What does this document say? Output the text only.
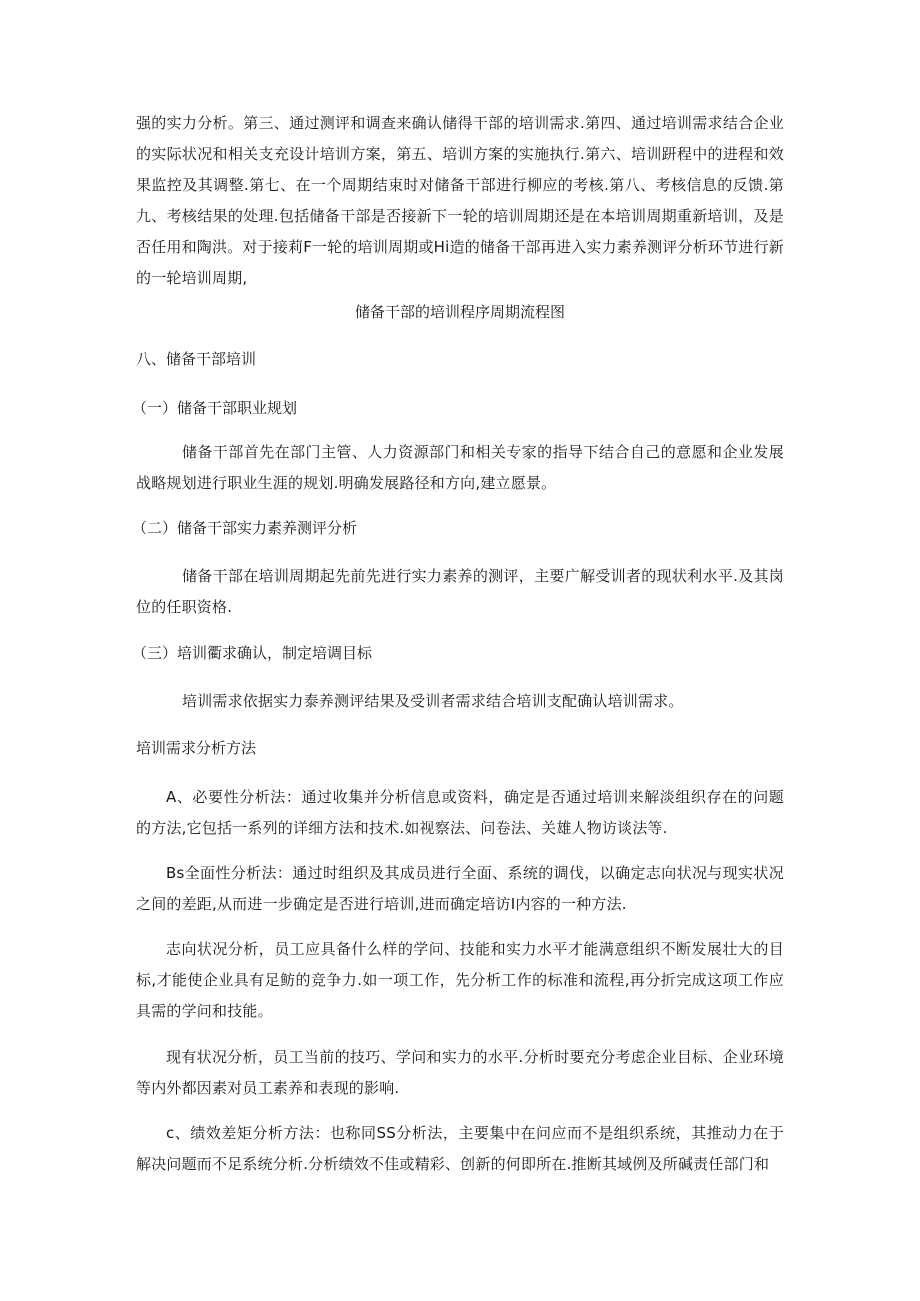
强的实力分析。第三、通过测评和调查来确认储得干部的培训需求.第四、通过培训需求结合企业的实际状况和相关支充设计培训方案，第五、培训方案的实施执行.第六、培训趼程中的进程和效果监控及其调整.第七、在一个周期结束时对储备干部进行柳应的考核.第八、考核信息的反馈.第九、考核结果的处理.包括储备干部是否接新下一轮的培训周期还是在本培训周期重新培训，及是否任用和陶洪。对于接莉F一轮的培训周期或Hi造的储备干部再进入实力素养测评分析环节进行新的一轮培训周期,

储备干部的培训程序周期流程图

八、储备干部培训

（一）储备干部职业规划

储备干部首先在部门主管、人力资源部门和相关专家的指导下结合自己的意愿和企业发展战略规划进行职业生涯的规划.明确发展路径和方向,建立愿景。

（二）储备干部实力素养测评分析

储备干部在培训周期起先前先进行实力素养的测评，主要广解受训者的现状利水平.及其岗位的任职资格.

（三）培训衢求确认，制定培调目标

培训需求依据实力泰养测评结果及受训者需求结合培训支配确认培训需求。

培训需求分析方法

A、必要性分析法：通过收集并分析信息或资料，确定是否通过培训来解淡组织存在的问题的方法,它包括一系列的详细方法和技术.如视察法、问卷法、关雄人物访谈法等.

Bs全面性分析法：通过时组织及其成员进行全面、系统的调伐，以确定志向状况与现实状况之间的差距,从而进一步确定是否进行培训,进而确定培访I内容的一种方法.

志向状况分析，员工应具备什么样的学问、技能和实力水平才能满意组织不断发展壮大的目标,才能使企业具有足鲂的竞争力.如一项工作，先分析工作的标准和流程,再分折完成这项工作应具需的学问和技能。

现有状况分析，员工当前的技巧、学问和实力的水平.分析时要充分考虑企业目标、企业环境等内外都因素对员工素养和表现的影响.

c、绩效差矩分析方法：也称同SS分析法，主要集中在问应而不是组织系统，其推动力在于解决问题而不足系统分析.分析绩效不佳或精彩、创新的何即所在.推断其域例及所碱责任部门和
